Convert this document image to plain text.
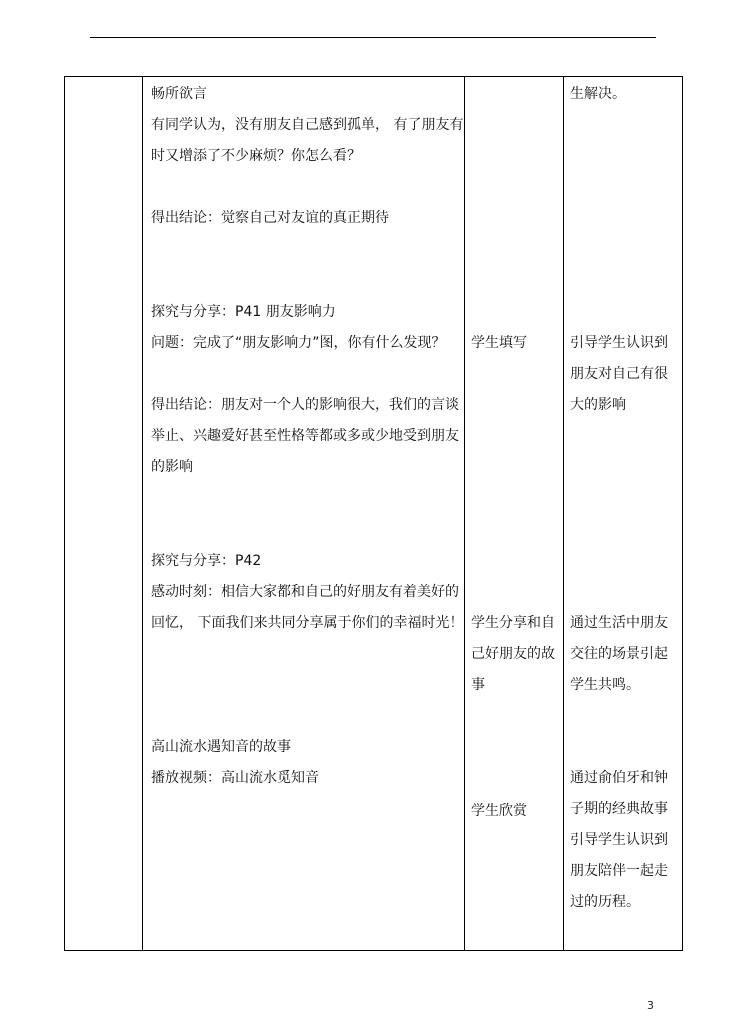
畅所欲言
有同学认为，没有朋友自己感到孤单， 有了朋友有
时又增添了不少麻烦？你怎么看？
得出结论：觉察自己对友谊的真正期待
探究与分享：P41 朋友影响力
问题：完成了“朋友影响力”图，你有什么发现？
得出结论：朋友对一个人的影响很大，我们的言谈
举止、兴趣爱好甚至性格等都或多或少地受到朋友
的影响
探究与分享：P42
感动时刻：相信大家都和自己的好朋友有着美好的
回忆， 下面我们来共同分享属于你们的幸福时光！
高山流水遇知音的故事
播放视频：高山流水觅知音
学生填写
学生分享和自
己好朋友的故
事
学生欣赏
生解决。
引导学生认识到
朋友对自己有很
大的影响
通过生活中朋友
交往的场景引起
学生共鸣。
通过俞伯牙和钟
子期的经典故事
引导学生认识到
朋友陪伴一起走
过的历程。
3
